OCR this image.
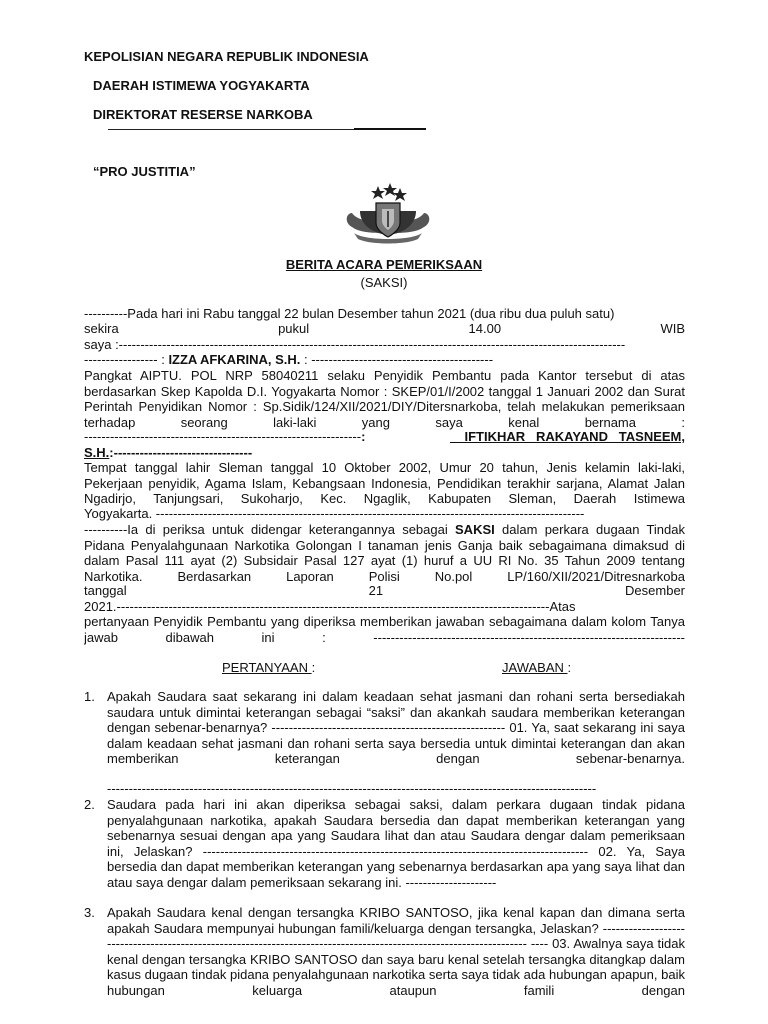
KEPOLISIAN NEGARA REPUBLIK INDONESIA
DAERAH ISTIMEWA YOGYAKARTA
DIREKTORAT RESERSE NARKOBA
“PRO JUSTITIA”
BERITA ACARA PEMERIKSAAN
(SAKSI)
----------Pada hari ini Rabu tanggal 22 bulan Desember tahun 2021 (dua ribu dua puluh satu)
sekira	pukul	14.00	WIB
saya :---------------------------------------------------------------------------------------------------------------------
----------------- : IZZA AFKARINA, S.H. : ------------------------------------------
Pangkat AIPTU. POL NRP 58040211 selaku Penyidik Pembantu pada Kantor tersebut di atas berdasarkan Skep Kapolda D.I. Yogyakarta Nomor : SKEP/01/I/2002 tanggal 1 Januari 2002 dan Surat Perintah Penyidikan Nomor : Sp.Sidik/124/XII/2021/DIY/Ditersnarkoba, telah melakukan pemeriksaan terhadap seorang laki-laki yang saya kenal bernama :
---------------------------------------------------------------- :	IFTIKHAR   RAKAYAND   TASNEEM,
S.H.:--------------------------------
Tempat tanggal lahir Sleman tanggal 10 Oktober 2002, Umur 20 tahun, Jenis kelamin laki-laki, Pekerjaan penyidik, Agama Islam, Kebangsaan Indonesia, Pendidikan terakhir sarjana, Alamat Jalan Ngadirjo, Tanjungsari, Sukoharjo, Kec. Ngaglik, Kabupaten Sleman, Daerah Istimewa
Yogyakarta. ---------------------------------------------------------------------------------------------------
----------Ia di periksa untuk didengar keterangannya sebagai SAKSI dalam perkara dugaan Tindak Pidana Penyalahgunaan Narkotika Golongan I tanaman jenis Ganja baik sebagaimana dimaksud di dalam Pasal 111 ayat (2) Subsidair Pasal 127 ayat (1) huruf a UU RI No. 35 Tahun 2009 tentang Narkotika. Berdasarkan Laporan Polisi No.pol LP/160/XII/2021/Ditresnarkoba
tanggal	21	Desember
2021.----------------------------------------------------------------------------------------------------Atas
pertanyaan Penyidik Pembantu yang diperiksa memberikan jawaban sebagaimana dalam kolom Tanya jawab dibawah ini : ------------------------------------------------------------------------
PERTANYAAN :	JAWABAN :
1. Apakah Saudara saat sekarang ini dalam keadaan sehat jasmani dan rohani serta bersediakah saudara untuk dimintai keterangan sebagai “saksi” dan akankah saudara memberikan keterangan dengan sebenar-benarnya? ------------------------------------------------------ 01. Ya, saat sekarang ini saya dalam keadaan sehat jasmani dan rohani serta saya bersedia untuk dimintai keterangan dan akan memberikan keterangan dengan sebenar-benarnya.
-----------------------------------------------------------------------------------------------------------------
2. Saudara pada hari ini akan diperiksa sebagai saksi, dalam perkara dugaan tindak pidana penyalahgunaan narkotika, apakah Saudara bersedia dan dapat memberikan keterangan yang sebenarnya sesuai dengan apa yang Saudara lihat dan atau Saudara dengar dalam pemeriksaan ini, Jelaskan? ----------------------------------------------------------------------------------------- 02. Ya, Saya bersedia dan dapat memberikan keterangan yang sebenarnya berdasarkan apa yang saya lihat dan atau saya dengar dalam pemeriksaan sekarang ini. ---------------------
3. Apakah Saudara kenal dengan tersangka KRIBO SANTOSO, jika kenal kapan dan dimana serta apakah Saudara mempunyai hubungan famili/keluarga dengan tersangka, Jelaskan? -------------------------------------------------------------------------------------------------------------------- ---- 03. Awalnya saya tidak kenal dengan tersangka KRIBO SANTOSO dan saya baru kenal setelah tersangka ditangkap dalam kasus dugaan tindak pidana penyalahgunaan narkotika serta saya tidak ada hubungan apapun, baik hubungan keluarga ataupun famili dengan
